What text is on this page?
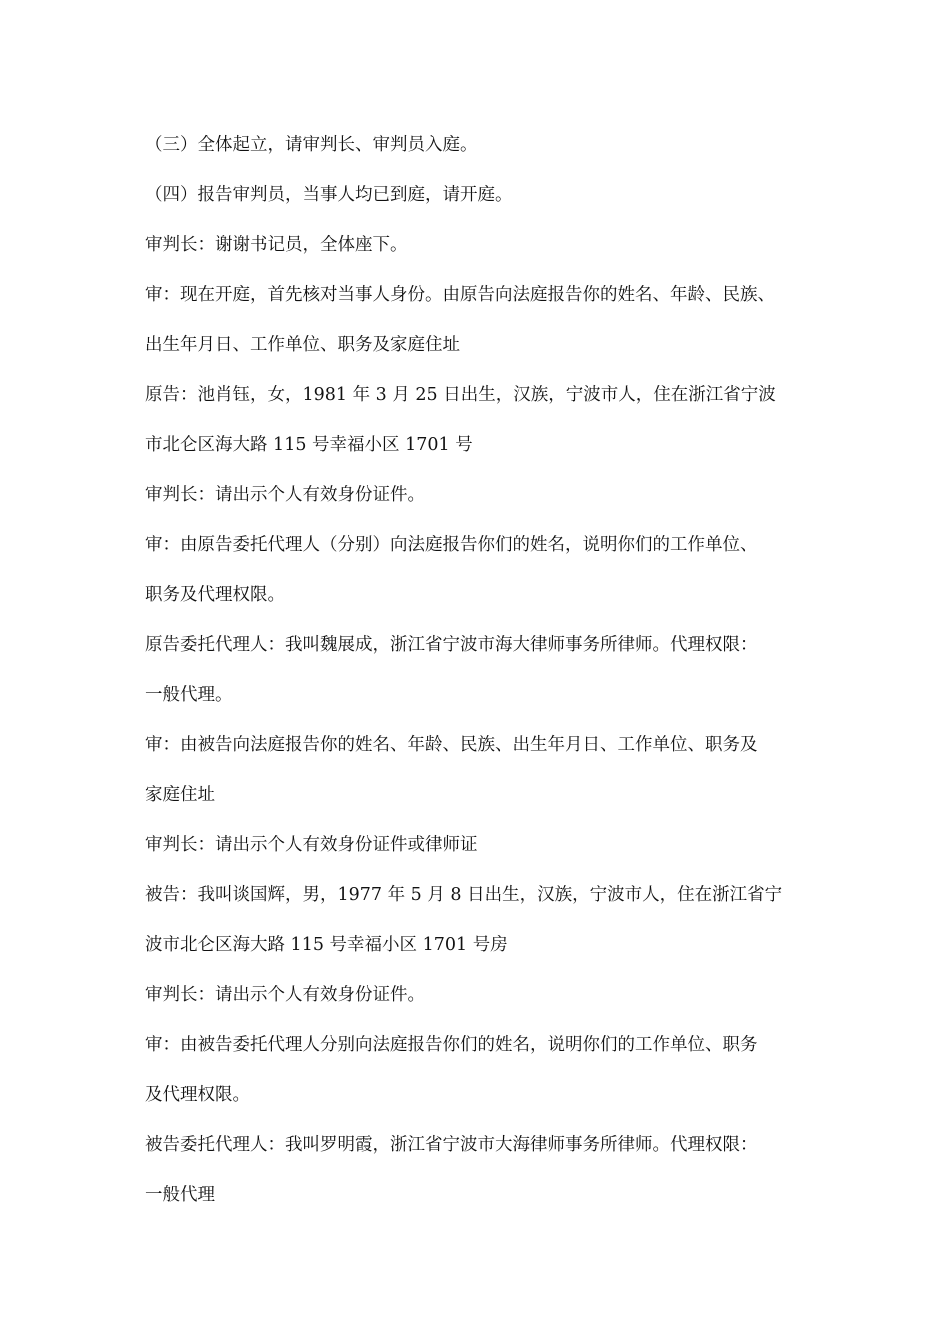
（三）全体起立，请审判长、审判员入庭。
（四）报告审判员，当事人均已到庭，请开庭。
审判长：谢谢书记员，全体座下。
审：现在开庭，首先核对当事人身份。由原告向法庭报告你的姓名、年龄、民族、
出生年月日、工作单位、职务及家庭住址
原告：池肖钰，女，1981 年 3 月 25 日出生，汉族，宁波市人，住在浙江省宁波
市北仑区海大路 115 号幸福小区 1701 号
审判长：请出示个人有效身份证件。
审：由原告委托代理人（分别）向法庭报告你们的姓名，说明你们的工作单位、
职务及代理权限。
原告委托代理人：我叫魏展成，浙江省宁波市海大律师事务所律师。代理权限：
一般代理。
审：由被告向法庭报告你的姓名、年龄、民族、出生年月日、工作单位、职务及
家庭住址
审判长：请出示个人有效身份证件或律师证
被告：我叫谈国辉，男，1977 年 5 月 8 日出生，汉族，宁波市人，住在浙江省宁
波市北仑区海大路 115 号幸福小区 1701 号房
审判长：请出示个人有效身份证件。
审：由被告委托代理人分别向法庭报告你们的姓名，说明你们的工作单位、职务
及代理权限。
被告委托代理人：我叫罗明霞，浙江省宁波市大海律师事务所律师。代理权限：
一般代理
